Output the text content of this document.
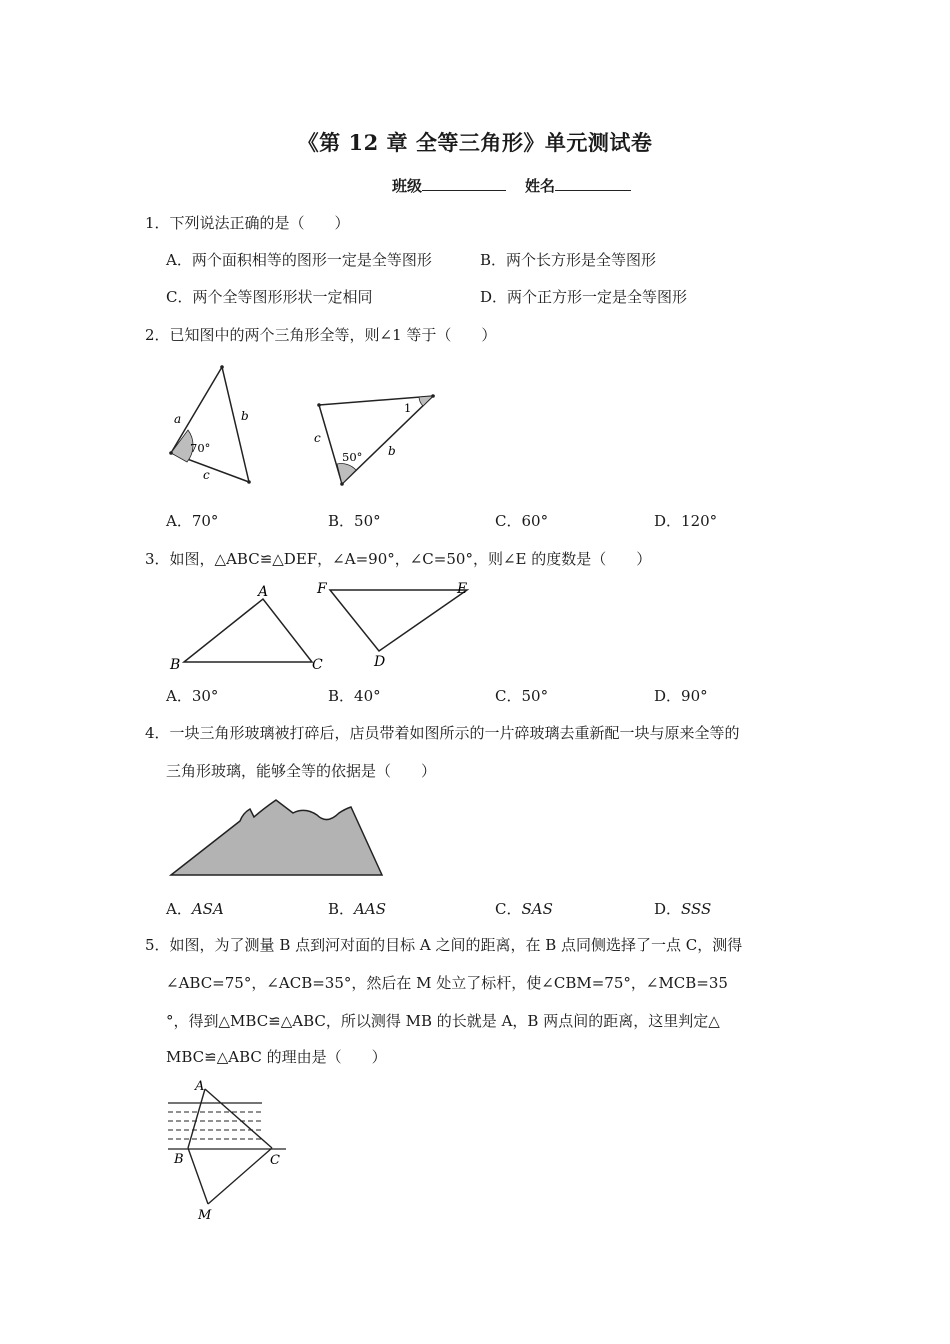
《第 12 章 全等三角形》单元测试卷
班级	姓名
1．下列说法正确的是（　　）
A．两个面积相等的图形一定是全等图形	B．两个长方形是全等图形
C．两个全等图形形状一定相同	D．两个正方形一定是全等图形
2．已知图中的两个三角形全等，则∠1 等于（　　）
a	b
c
70°
c
b
50°
1
A．70°	B．50°	C．60°	D．120°
3．如图，△ABC≌△DEF，∠A=90°，∠C=50°，则∠E 的度数是（　　）
A
B	C	D
E
F
A．30°	B．40°	C．50°	D．90°
4．一块三角形玻璃被打碎后，店员带着如图所示的一片碎玻璃去重新配一块与原来全等的
三角形玻璃，能够全等的依据是（　　）
A．ASA	B．AAS	C．SAS	D．SSS
5．如图，为了测量 B 点到河对面的目标 A 之间的距离，在 B 点同侧选择了一点 C，测得
∠ABC=75°，∠ACB=35°，然后在 M 处立了标杆，使∠CBM=75°，∠MCB=35
°，得到△MBC≌△ABC，所以测得 MB 的长就是 A，B 两点间的距离，这里判定△
MBC≌△ABC 的理由是（　　）
A
B	C
M
